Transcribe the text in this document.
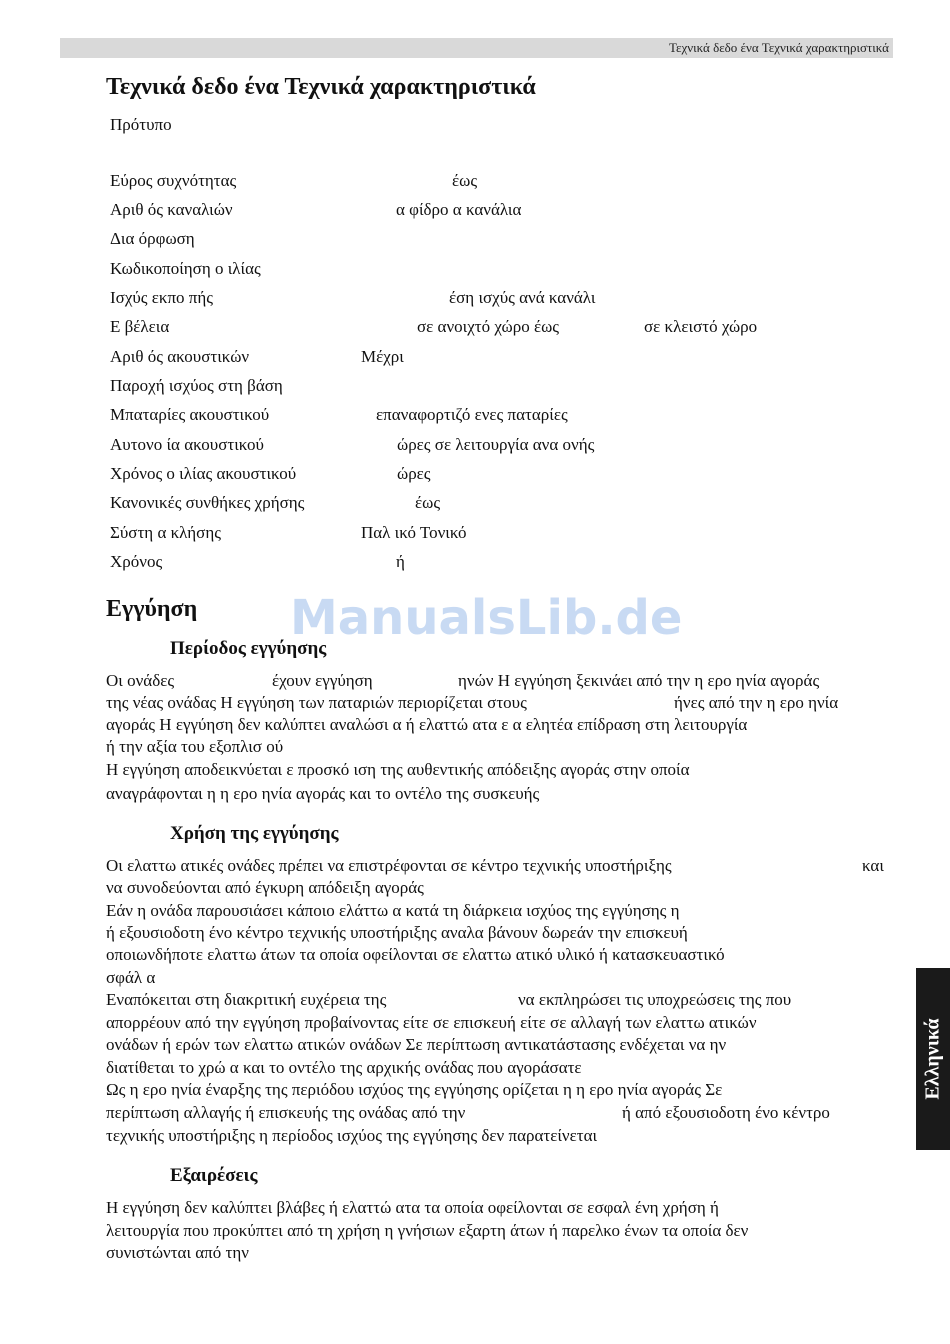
Τεχνικά δεδο ένα Τεχνικά χαρακτηριστικά
Τεχνικά δεδο ένα Τεχνικά χαρακτηριστικά
Πρότυπο
Εύρος συχνότητας	έως
Αριθ ός καναλιών	α φίδρο α κανάλια
Δια όρφωση
Κωδικοποίηση ο ιλίας
Ισχύς εκπο πής	έση ισχύς ανά κανάλι
Ε βέλεια	σε ανοιχτό χώρο έως	σε κλειστό χώρο
Αριθ ός ακουστικών	Μέχρι
Παροχή ισχύος στη βάση
Μπαταρίες ακουστικού	επαναφορτιζό ενες παταρίες
Αυτονο ία ακουστικού	ώρες σε λειτουργία ανα ονής
Χρόνος ο ιλίας ακουστικού	ώρες
Κανονικές συνθήκες χρήσης	έως
Σύστη α κλήσης	Παλ ικό Τονικό
Χρόνος	ή
ManualsLib.de
Εγγύηση
Περίοδος εγγύησης
Οι ονάδες	έχουν εγγύηση	ηνών Η εγγύηση ξεκινάει από την η ερο ηνία αγοράς
της νέας ονάδας Η εγγύηση των παταριών περιορίζεται στους	ήνες από την η ερο ηνία
αγοράς Η εγγύηση δεν καλύπτει αναλώσι α ή ελαττώ ατα ε α ελητέα επίδραση στη λειτουργία
ή την αξία του εξοπλισ ού
Η εγγύηση αποδεικνύεται ε προσκό ιση της αυθεντικής απόδειξης αγοράς στην οποία
αναγράφονται η η ερο ηνία αγοράς και το οντέλο της συσκευής
Χρήση της εγγύησης
Οι ελαττω ατικές ονάδες πρέπει να επιστρέφονται σε κέντρο τεχνικής υποστήριξης	και
να συνοδεύονται από έγκυρη απόδειξη αγοράς
Εάν η ονάδα παρουσιάσει κάποιο ελάττω α κατά τη διάρκεια ισχύος της εγγύησης η
ή εξουσιοδοτη ένο κέντρο τεχνικής υποστήριξης αναλα βάνουν δωρεάν την επισκευή
οποιωνδήποτε ελαττω άτων τα οποία οφείλονται σε ελαττω ατικό υλικό ή κατασκευαστικό
σφάλ α
Εναπόκειται στη διακριτική ευχέρεια της	να εκπληρώσει τις υποχρεώσεις της που
απορρέουν από την εγγύηση προβαίνοντας είτε σε επισκευή είτε σε αλλαγή των ελαττω ατικών
ονάδων ή ερών των ελαττω ατικών ονάδων Σε περίπτωση αντικατάστασης ενδέχεται να ην
διατίθεται το χρώ α και το οντέλο της αρχικής ονάδας που αγοράσατε
Ως η ερο ηνία έναρξης της περιόδου ισχύος της εγγύησης ορίζεται η η ερο ηνία αγοράς Σε
περίπτωση αλλαγής ή επισκευής της ονάδας από την	ή από εξουσιοδοτη ένο κέντρο
τεχνικής υποστήριξης η περίοδος ισχύος της εγγύησης δεν παρατείνεται
Εξαιρέσεις
Η εγγύηση δεν καλύπτει βλάβες ή ελαττώ ατα τα οποία οφείλονται σε εσφαλ ένη χρήση ή
λειτουργία που προκύπτει από τη χρήση η γνήσιων εξαρτη άτων ή παρελκο ένων τα οποία δεν
συνιστώνται από την
Ελληνικά
